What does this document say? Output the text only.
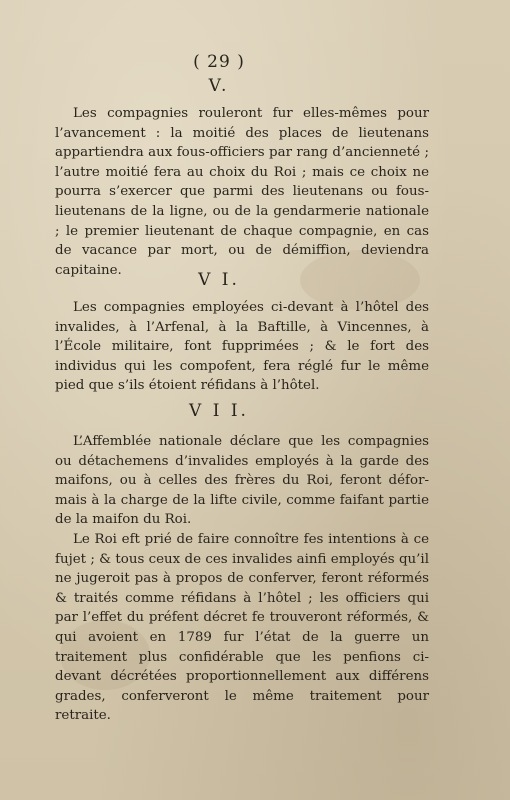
( 29 )
V.

Les compagnies rouleront fur elles-mêmes pour l’avancement : la moitié des places de lieutenans appartiendra aux fous-officiers par rang d’ancienneté ; l’autre moitié fera au choix du Roi ; mais ce choix ne pourra s’exercer que parmi des lieutenans ou fous-lieutenans de la ligne, ou de la gendarmerie nationale ; le premier lieutenant de chaque compagnie, en cas de vacance par mort, ou de démiffion, deviendra capitaine.	V I.

Les compagnies employées ci-devant à l’hôtel des invalides, à l’Arfenal, à la Baftille, à Vincennes, à l’École militaire, font fupprimées ; & le fort des individus qui les compofent, fera réglé fur le même pied que s’ils étoient réfidans à l’hôtel.

V I I.

L’Affemblée nationale déclare que les compagnies ou détachemens d’invalides employés à la garde des maifons, ou à celles des frères du Roi, feront défor-mais à la charge de la lifte civile, comme faifant partie de la maifon du Roi.

Le Roi eft prié de faire connoître fes intentions à ce fujet ; & tous ceux de ces invalides ainfi employés qu’il ne jugeroit pas à propos de conferver, feront réformés & traités comme réfidans à l’hôtel ; les officiers qui par l’effet du préfent décret fe trouveront réformés, & qui avoient en 1789 fur l’état de la guerre un traitement plus confidérable que les penfions ci-devant décrétées proportionnellement aux différens grades, conferveront le même traitement pour retraite.
